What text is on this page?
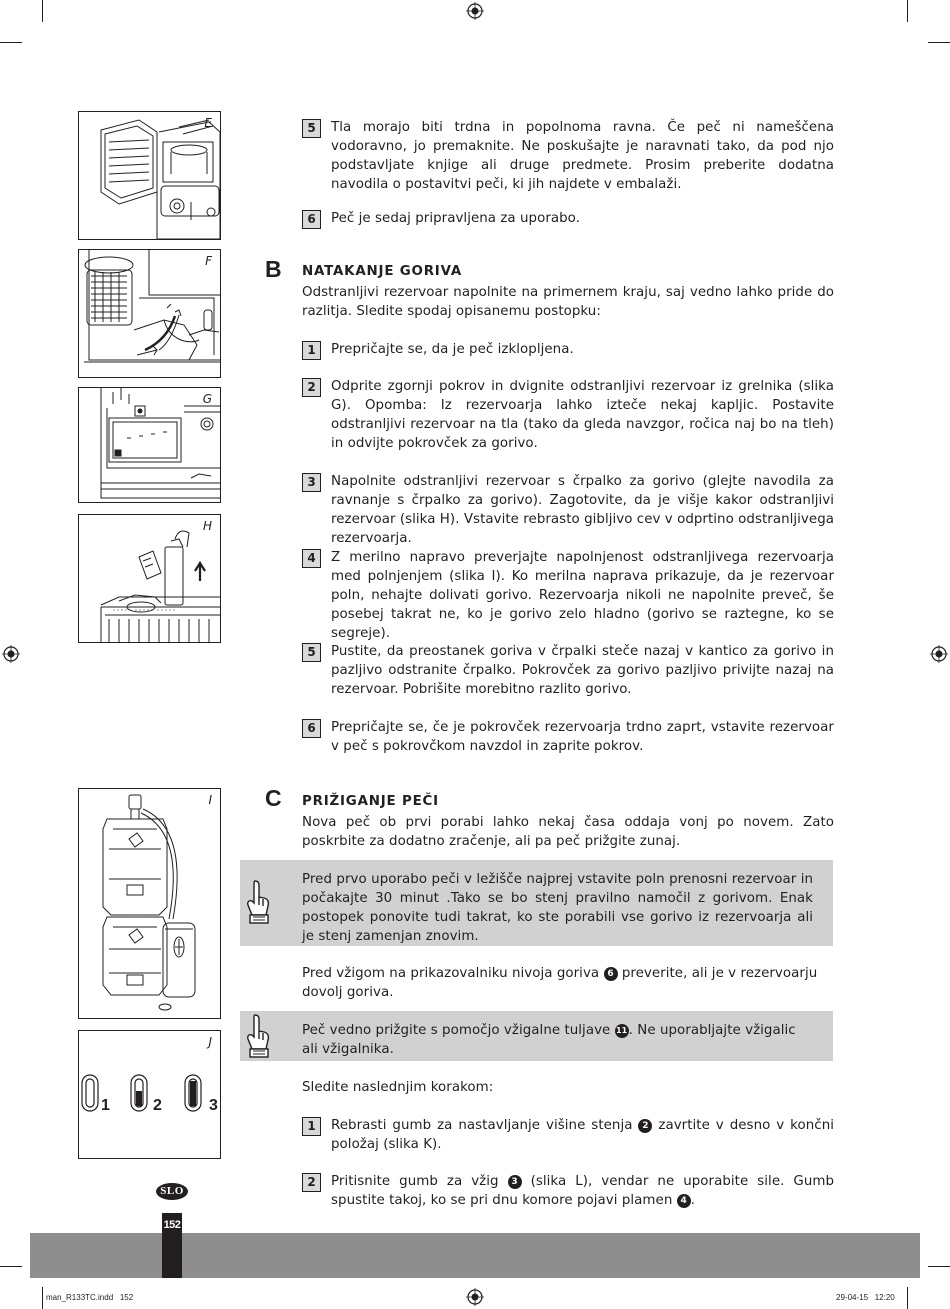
E
F
G
H
I
1	2	3
J
5	Tla morajo biti trdna in popolnoma ravna. Če peč ni nameščena vodoravno, jo premaknite. Ne poskušajte je naravnati tako, da pod njo podstavljate knjige ali druge predmete. Prosim preberite dodatna navodila o postavitvi peči, ki jih najdete v embalaži.
6	Peč je sedaj pripravljena za uporabo.
B NATAKANJE GORIVA
Odstranljivi rezervoar napolnite na primernem kraju, saj vedno lahko pride do razlitja. Sledite spodaj opisanemu postopku:
1	Prepričajte se, da je peč izklopljena.
2	Odprite zgornji pokrov in dvignite odstranljivi rezervoar iz grelnika (slika G). Opomba: Iz rezervoarja lahko izteče nekaj kapljic. Postavite odstranljivi rezervoar na tla (tako da gleda navzgor, ročica naj bo na tleh) in odvijte pokrovček za gorivo.
3	Napolnite odstranljivi rezervoar s črpalko za gorivo (glejte navodila za ravnanje s črpalko za gorivo). Zagotovite, da je višje kakor odstranljivi rezervoar (slika H). Vstavite rebrasto gibljivo cev v odprtino odstranljivega rezervoarja.
4	Z merilno napravo preverjajte napolnjenost odstranljivega rezervoarja med polnjenjem (slika I). Ko merilna naprava prikazuje, da je rezervoar poln, nehajte dolivati gorivo. Rezervoarja nikoli ne napolnite preveč, še posebej takrat ne, ko je gorivo zelo hladno (gorivo se raztegne, ko se segreje).
5	Pustite, da preostanek goriva v črpalki steče nazaj v kantico za gorivo in pazljivo odstranite črpalko. Pokrovček za gorivo pazljivo privijte nazaj na rezervoar. Pobrišite morebitno razlito gorivo.
6	Prepričajte se, če je pokrovček rezervoarja trdno zaprt, vstavite rezervoar v peč s pokrovčkom navzdol in zaprite pokrov.
C PRIŽIGANJE PEČI
Nova peč ob prvi porabi lahko nekaj časa oddaja vonj po novem. Zato poskrbite za dodatno zračenje, ali pa peč prižgite zunaj.
Pred prvo uporabo peči v ležišče najprej vstavite poln prenosni rezervoar in počakajte 30 minut .Tako se bo stenj pravilno namočil z gorivom. Enak postopek ponovite tudi takrat, ko ste porabili vse gorivo iz rezervoarja ali je stenj zamenjan znovim.
Pred vžigom na prikazovalniku nivoja goriva 6 preverite, ali je v rezervoarju dovolj goriva.
Peč vedno prižgite s pomočjo vžigalne tuljave 11. Ne uporabljajte vžigalic ali vžigalnika.
Sledite naslednjim korakom:
1	Rebrasti gumb za nastavljanje višine stenja 2 zavrtite v desno v končni položaj (slika K).
2	Pritisnite gumb za vžig 3 (slika L), vendar ne uporabite sile. Gumb spustite takoj, ko se pri dnu komore pojavi plamen 4 .
SLO
152
man_R133TC.indd   152	29-04-15   12:20
